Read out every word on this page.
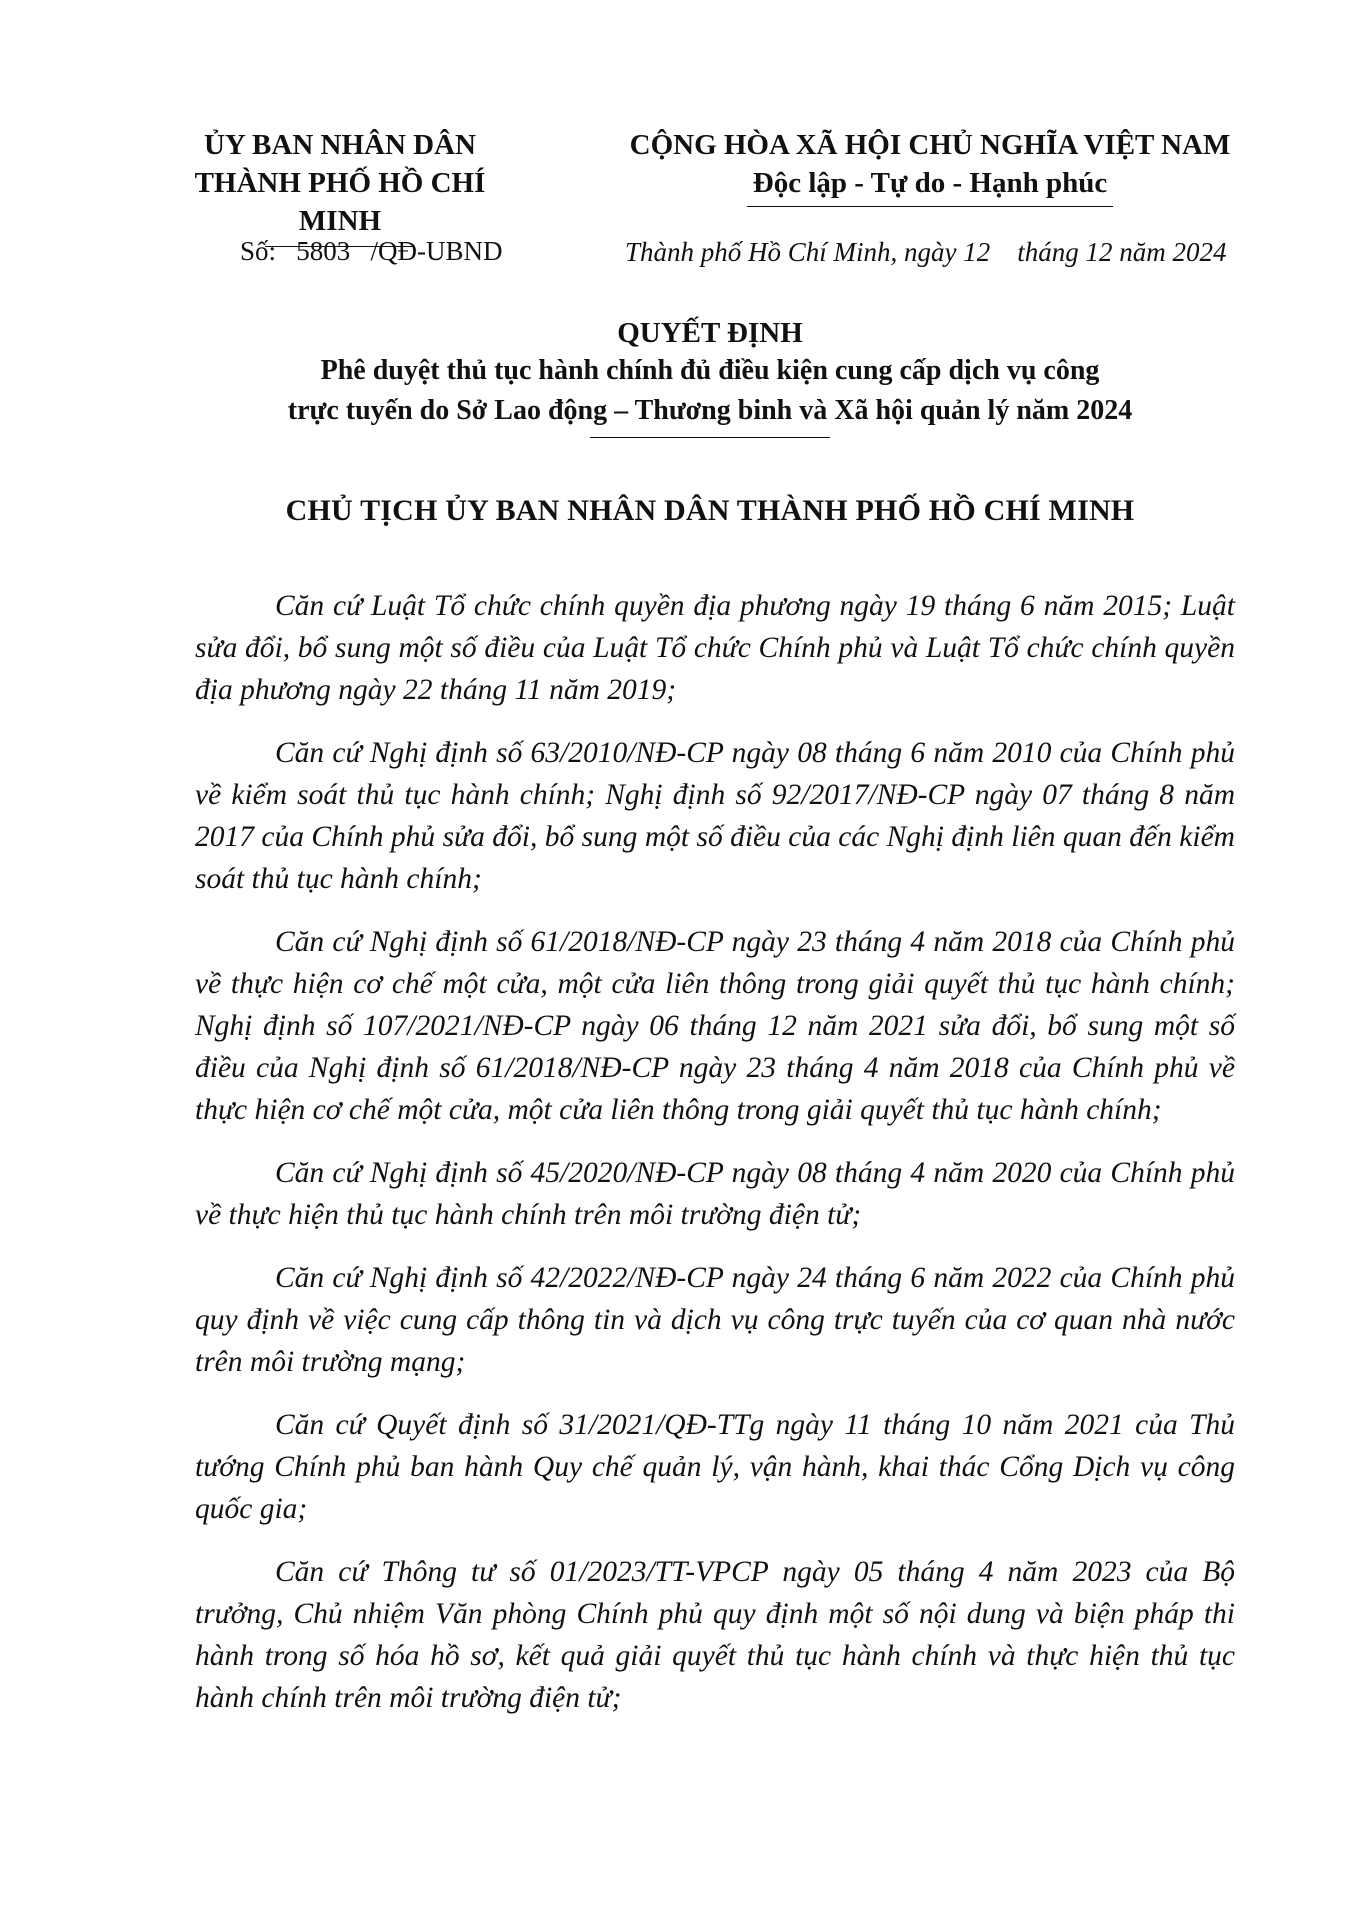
ỦY BAN NHÂN DÂN
THÀNH PHỐ HỒ CHÍ MINH
CỘNG HÒA XÃ HỘI CHỦ NGHĨA VIỆT NAM
Độc lập - Tự do - Hạnh phúc
Số:   5803   /QĐ-UBND	Thành phố Hồ Chí Minh, ngày 12    tháng 12 năm 2024
QUYẾT ĐỊNH
Phê duyệt thủ tục hành chính đủ điều kiện cung cấp dịch vụ công
trực tuyến do Sở Lao động – Thương binh và Xã hội quản lý năm 2024
CHỦ TỊCH ỦY BAN NHÂN DÂN THÀNH PHỐ HỒ CHÍ MINH

Căn cứ Luật Tổ chức chính quyền địa phương ngày 19 tháng 6 năm 2015; Luật sửa đổi, bổ sung một số điều của Luật Tổ chức Chính phủ và Luật Tổ chức chính quyền địa phương ngày 22 tháng 11 năm 2019;

Căn cứ Nghị định số 63/2010/NĐ-CP ngày 08 tháng 6 năm 2010 của Chính phủ về kiểm soát thủ tục hành chính; Nghị định số 92/2017/NĐ-CP ngày 07 tháng 8 năm 2017 của Chính phủ sửa đổi, bổ sung một số điều của các Nghị định liên quan đến kiểm soát thủ tục hành chính;

Căn cứ Nghị định số 61/2018/NĐ-CP ngày 23 tháng 4 năm 2018 của Chính phủ về thực hiện cơ chế một cửa, một cửa liên thông trong giải quyết thủ tục hành chính; Nghị định số 107/2021/NĐ-CP ngày 06 tháng 12 năm 2021 sửa đổi, bổ sung một số điều của Nghị định số 61/2018/NĐ-CP ngày 23 tháng 4 năm 2018 của Chính phủ về thực hiện cơ chế một cửa, một cửa liên thông trong giải quyết thủ tục hành chính;

Căn cứ Nghị định số 45/2020/NĐ-CP ngày 08 tháng 4 năm 2020 của Chính phủ về thực hiện thủ tục hành chính trên môi trường điện tử;

Căn cứ Nghị định số 42/2022/NĐ-CP ngày 24 tháng 6 năm 2022 của Chính phủ quy định về việc cung cấp thông tin và dịch vụ công trực tuyến của cơ quan nhà nước trên môi trường mạng;

Căn cứ Quyết định số 31/2021/QĐ-TTg ngày 11 tháng 10 năm 2021 của Thủ tướng Chính phủ ban hành Quy chế quản lý, vận hành, khai thác Cổng Dịch vụ công quốc gia;

Căn cứ Thông tư số 01/2023/TT-VPCP ngày 05 tháng 4 năm 2023 của Bộ trưởng, Chủ nhiệm Văn phòng Chính phủ quy định một số nội dung và biện pháp thi hành trong số hóa hồ sơ, kết quả giải quyết thủ tục hành chính và thực hiện thủ tục hành chính trên môi trường điện tử;
